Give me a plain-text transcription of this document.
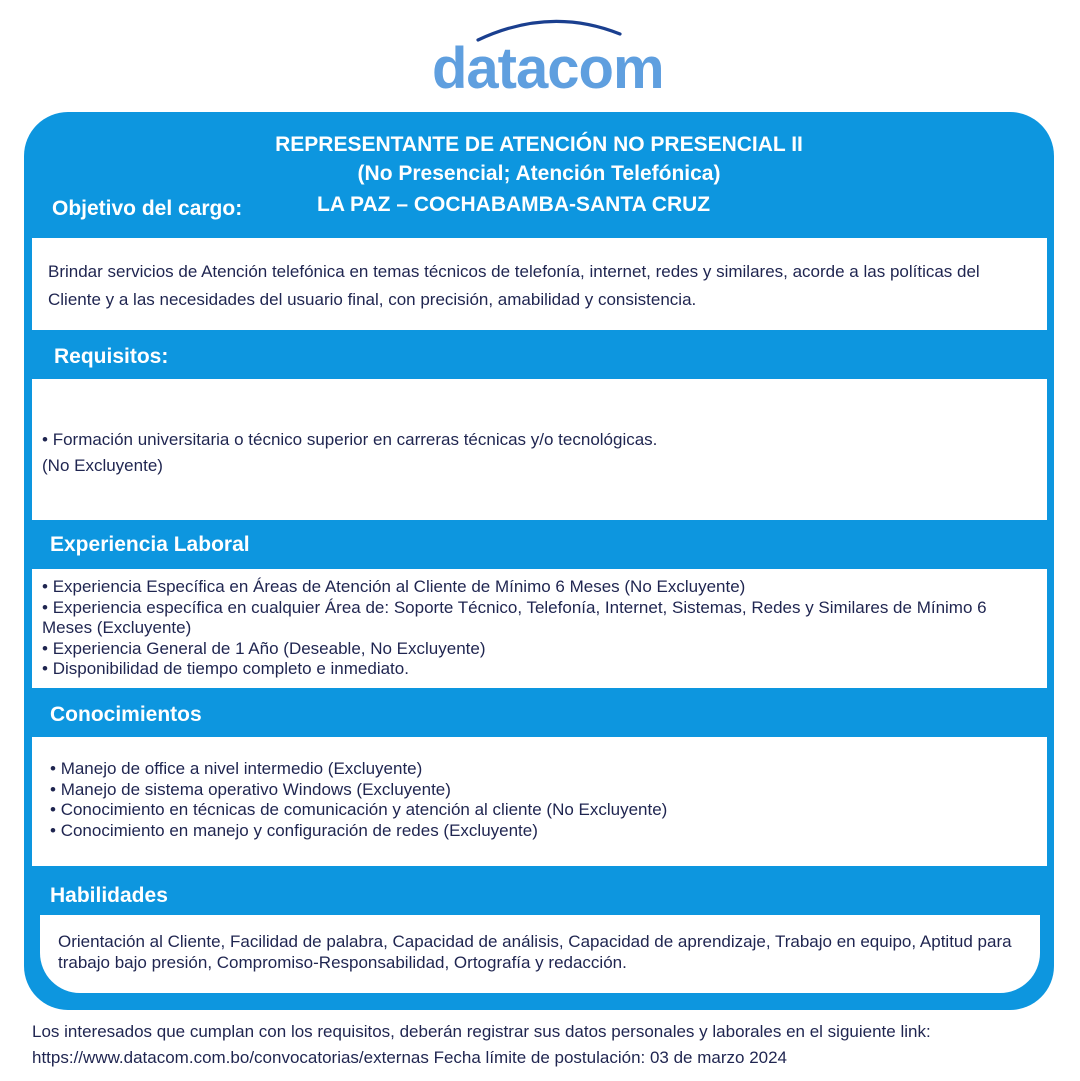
datacom
REPRESENTANTE DE ATENCIÓN NO PRESENCIAL II
(No Presencial; Atención Telefónica)
Objetivo del cargo:	LA PAZ – COCHABAMBA-SANTA CRUZ

Brindar servicios de Atención telefónica en temas técnicos de telefonía, internet, redes y similares, acorde a las políticas del Cliente y a las necesidades del usuario final, con precisión, amabilidad y consistencia.

Requisitos:

• Formación universitaria o técnico superior en carreras técnicas y/o tecnológicas.

(No Excluyente)

Experiencia Laboral
• Experiencia Específica en Áreas de Atención al Cliente de Mínimo 6 Meses (No Excluyente)
• Experiencia específica en cualquier Área de: Soporte Técnico, Telefonía, Internet, Sistemas, Redes y Similares de Mínimo 6 Meses (Excluyente)
• Experiencia General de 1 Año (Deseable, No Excluyente)
• Disponibilidad de tiempo completo e inmediato.
Conocimientos
• Manejo de office a nivel intermedio (Excluyente)
• Manejo de sistema operativo Windows (Excluyente)
• Conocimiento en técnicas de comunicación y atención al cliente (No Excluyente)
• Conocimiento en manejo y configuración de redes (Excluyente)
Habilidades

Orientación al Cliente, Facilidad de palabra, Capacidad de análisis, Capacidad de aprendizaje, Trabajo en equipo, Aptitud para trabajo bajo presión, Compromiso-Responsabilidad, Ortografía y redacción.

Los interesados que cumplan con los requisitos, deberán registrar sus datos personales y laborales en el siguiente link: https://www.datacom.com.bo/convocatorias/externas Fecha límite de postulación: 03 de marzo 2024
